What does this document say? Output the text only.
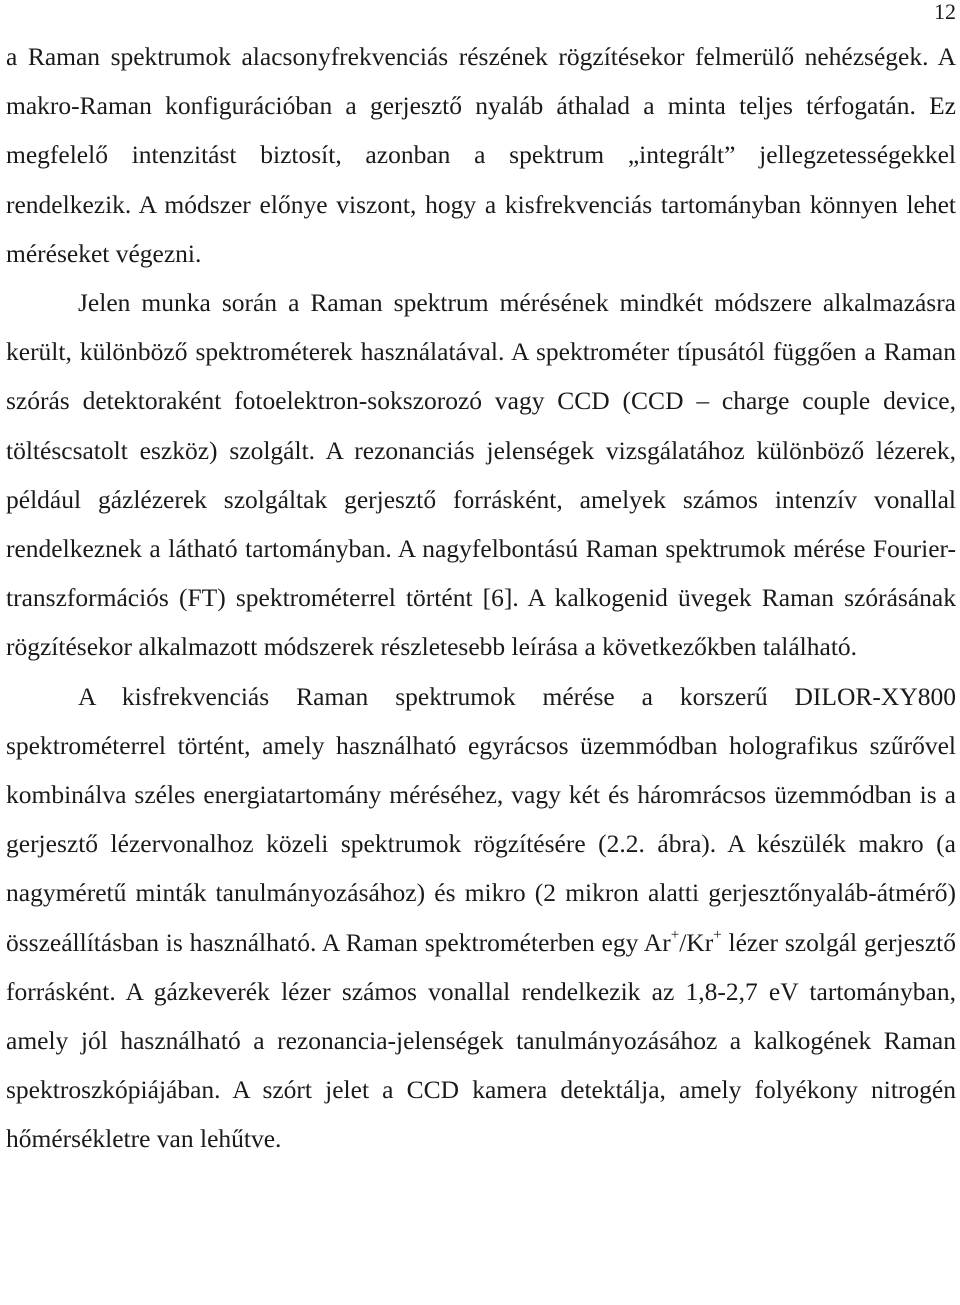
12

a Raman spektrumok alacsonyfrekvenciás részének rögzítésekor felmerülő nehézségek. A makro-Raman konfigurációban a gerjesztő nyaláb áthalad a minta teljes térfogatán. Ez megfelelő intenzitást biztosít, azonban a spektrum „integrált” jellegzetességekkel rendelkezik. A módszer előnye viszont, hogy a kisfrekvenciás tartományban könnyen lehet méréseket végezni.

Jelen munka során a Raman spektrum mérésének mindkét módszere alkalmazásra került, különböző spektrométerek használatával. A spektrométer típusától függően a Raman szórás detektoraként fotoelektron-sokszorozó vagy CCD (CCD – charge couple device, töltéscsatolt eszköz) szolgált. A rezonanciás jelenségek vizsgálatához különböző lézerek, például gázlézerek szolgáltak gerjesztő forrásként, amelyek számos intenzív vonallal rendelkeznek a látható tartományban. A nagyfelbontású Raman spektrumok mérése Fourier-transzformációs (FT) spektrométerrel történt [6]. A kalkogenid üvegek Raman szórásának rögzítésekor alkalmazott módszerek részletesebb leírása a következőkben található.

A kisfrekvenciás Raman spektrumok mérése a korszerű DILOR-XY800 spektrométerrel történt, amely használható egyrácsos üzemmódban holografikus szűrővel kombinálva széles energiatartomány méréséhez, vagy két és háromrácsos üzemmódban is a gerjesztő lézervonalhoz közeli spektrumok rögzítésére (2.2. ábra). A készülék makro (a nagyméretű minták tanulmányozásához) és mikro (2 mikron alatti gerjesztőnyaláb-átmérő) összeállításban is használható. A Raman spektrométerben egy Ar+/Kr+ lézer szolgál gerjesztő forrásként. A gázkeverék lézer számos vonallal rendelkezik az 1,8-2,7 eV tartományban, amely jól használható a rezonancia-jelenségek tanulmányozásához a kalkogének Raman spektroszkópiájában. A szórt jelet a CCD kamera detektálja, amely folyékony nitrogén hőmérsékletre van lehűtve.
